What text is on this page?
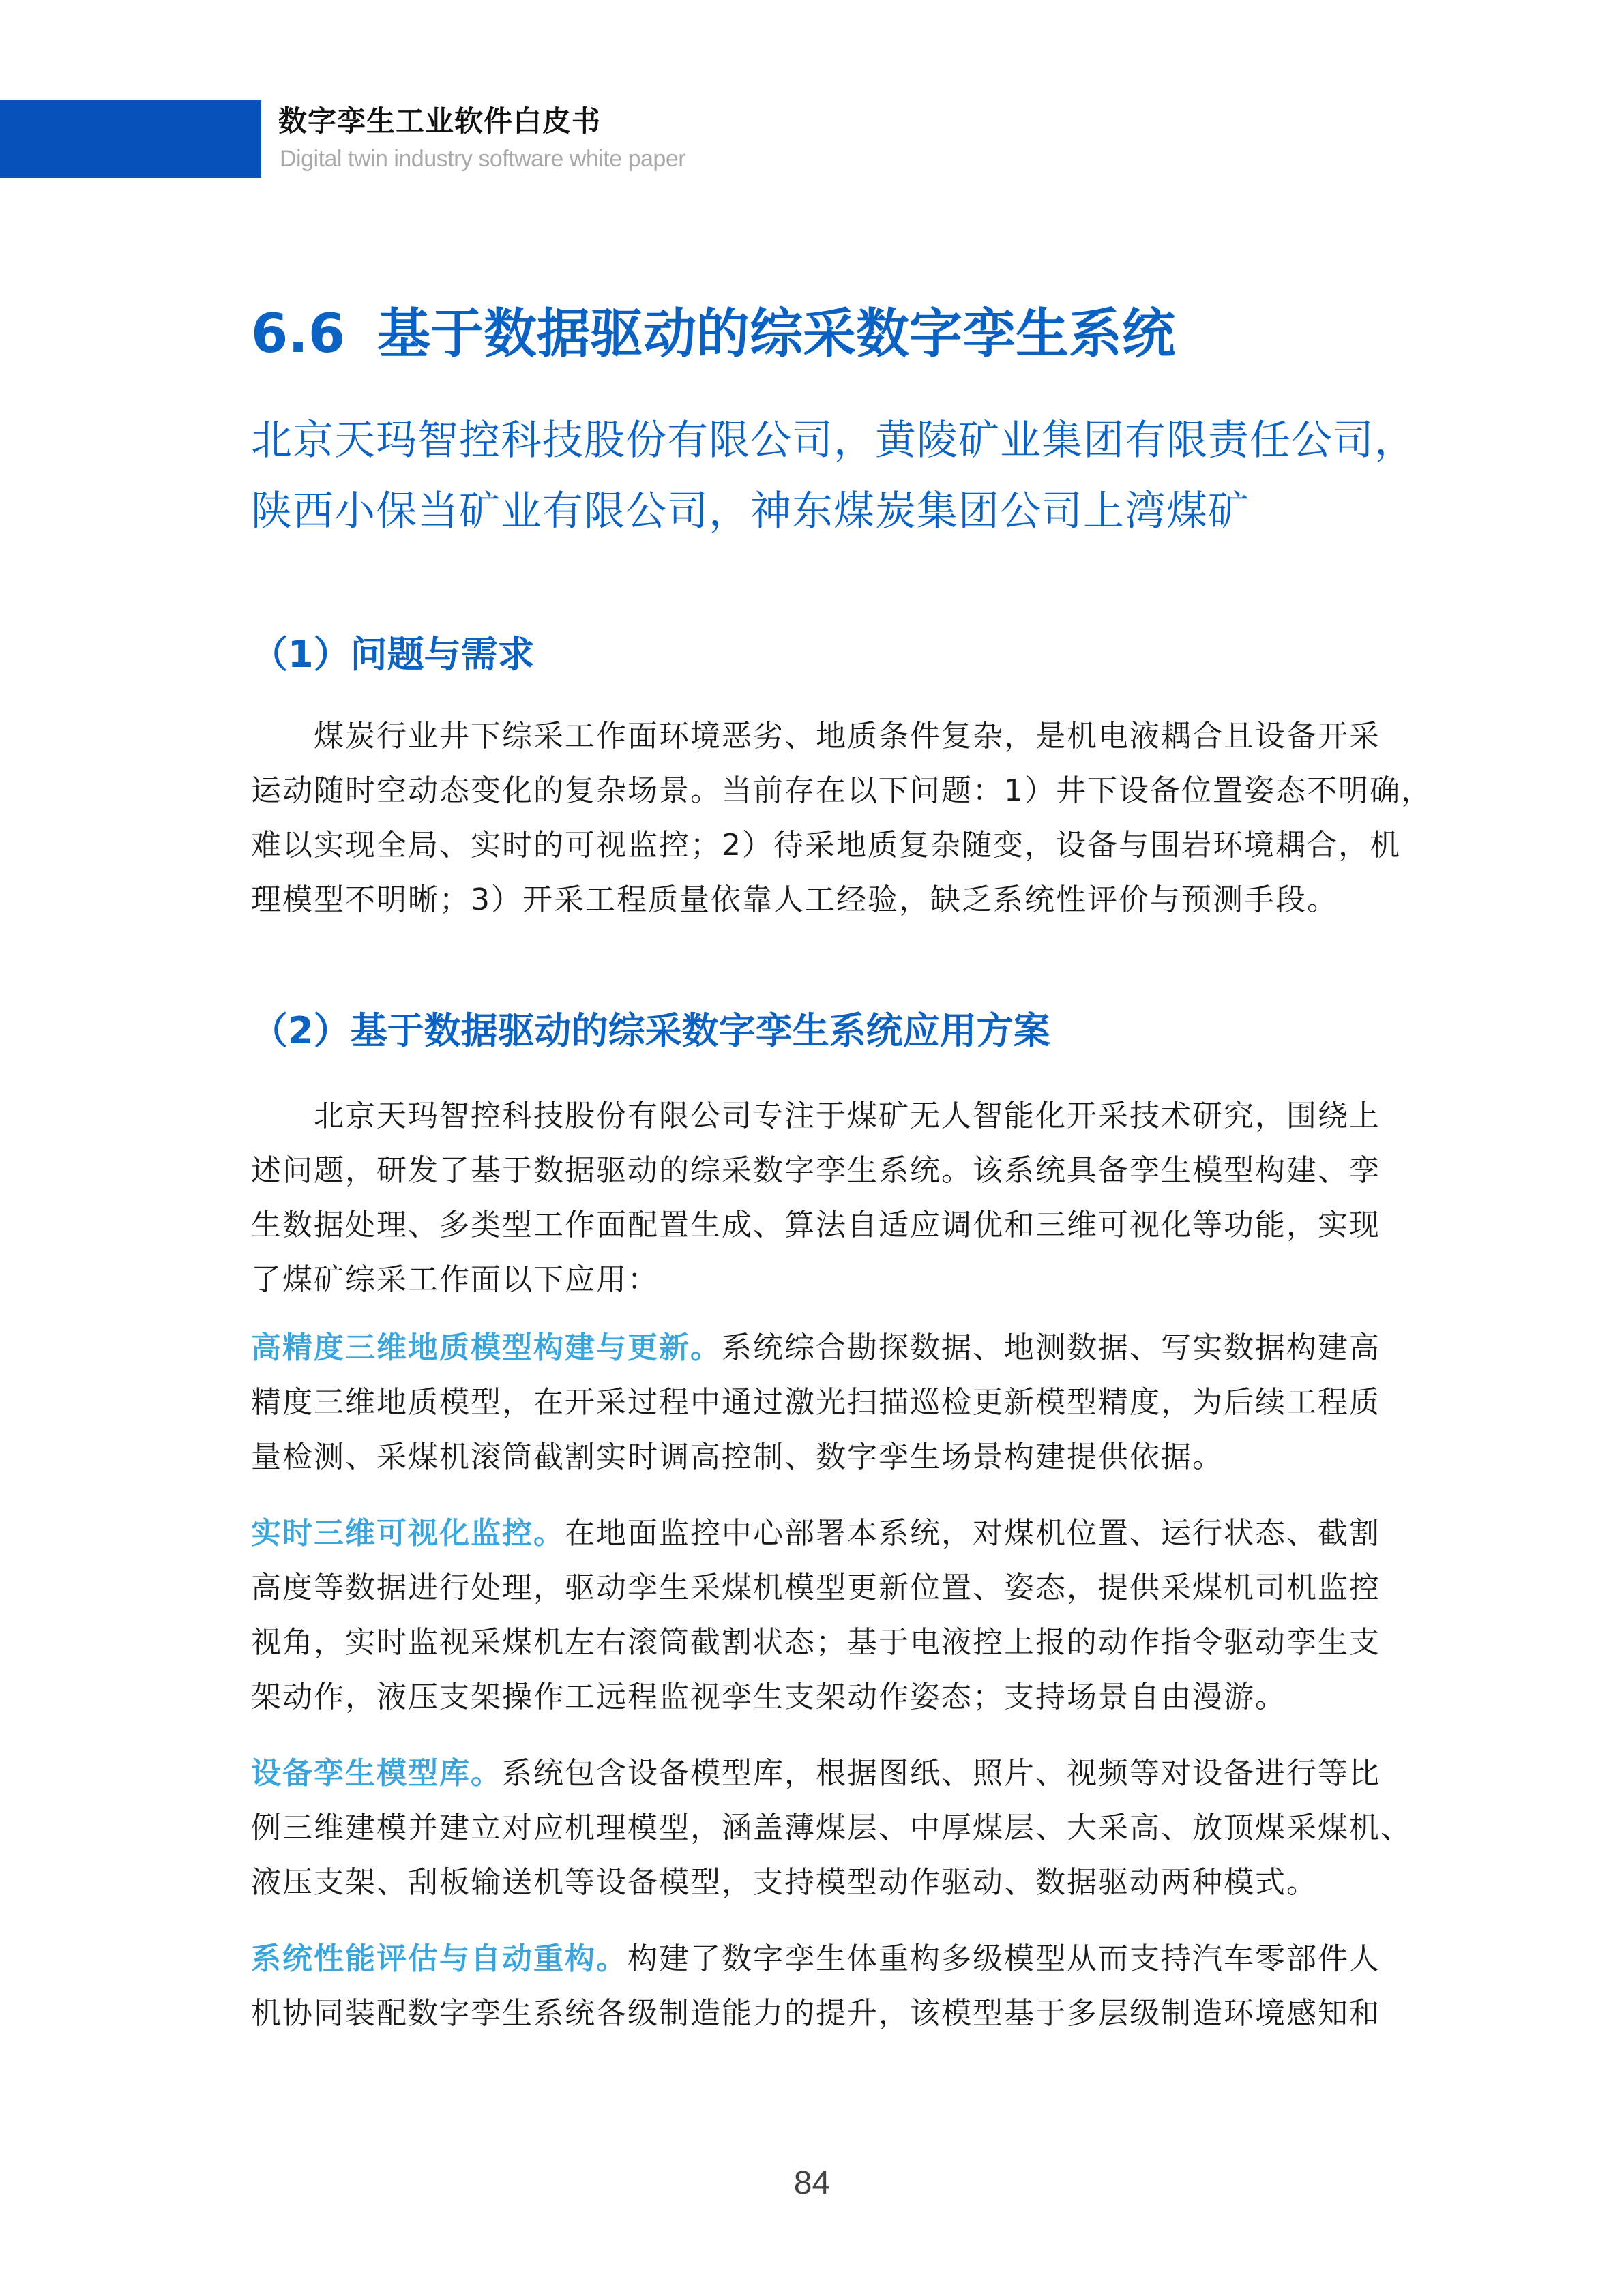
数字孪生工业软件白皮书
Digital twin industry software white paper
6.6 基于数据驱动的综采数字孪生系统
北京天玛智控科技股份有限公司，黄陵矿业集团有限责任公司，
陕西小保当矿业有限公司，神东煤炭集团公司上湾煤矿
（1）问题与需求
煤炭行业井下综采工作面环境恶劣、地质条件复杂，是机电液耦合且设备开采
运动随时空动态变化的复杂场景。当前存在以下问题：1）井下设备位置姿态不明确，
难以实现全局、实时的可视监控；2）待采地质复杂随变，设备与围岩环境耦合，机
理模型不明晰；3）开采工程质量依靠人工经验，缺乏系统性评价与预测手段。
（2）基于数据驱动的综采数字孪生系统应用方案
北京天玛智控科技股份有限公司专注于煤矿无人智能化开采技术研究，围绕上
述问题，研发了基于数据驱动的综采数字孪生系统。该系统具备孪生模型构建、孪
生数据处理、多类型工作面配置生成、算法自适应调优和三维可视化等功能，实现
了煤矿综采工作面以下应用：
高精度三维地质模型构建与更新。系统综合勘探数据、地测数据、写实数据构建高
精度三维地质模型，在开采过程中通过激光扫描巡检更新模型精度，为后续工程质
量检测、采煤机滚筒截割实时调高控制、数字孪生场景构建提供依据。
实时三维可视化监控。在地面监控中心部署本系统，对煤机位置、运行状态、截割
高度等数据进行处理，驱动孪生采煤机模型更新位置、姿态，提供采煤机司机监控
视角，实时监视采煤机左右滚筒截割状态；基于电液控上报的动作指令驱动孪生支
架动作，液压支架操作工远程监视孪生支架动作姿态；支持场景自由漫游。
设备孪生模型库。系统包含设备模型库，根据图纸、照片、视频等对设备进行等比
例三维建模并建立对应机理模型，涵盖薄煤层、中厚煤层、大采高、放顶煤采煤机、
液压支架、刮板输送机等设备模型，支持模型动作驱动、数据驱动两种模式。
系统性能评估与自动重构。构建了数字孪生体重构多级模型从而支持汽车零部件人
机协同装配数字孪生系统各级制造能力的提升，该模型基于多层级制造环境感知和
84
